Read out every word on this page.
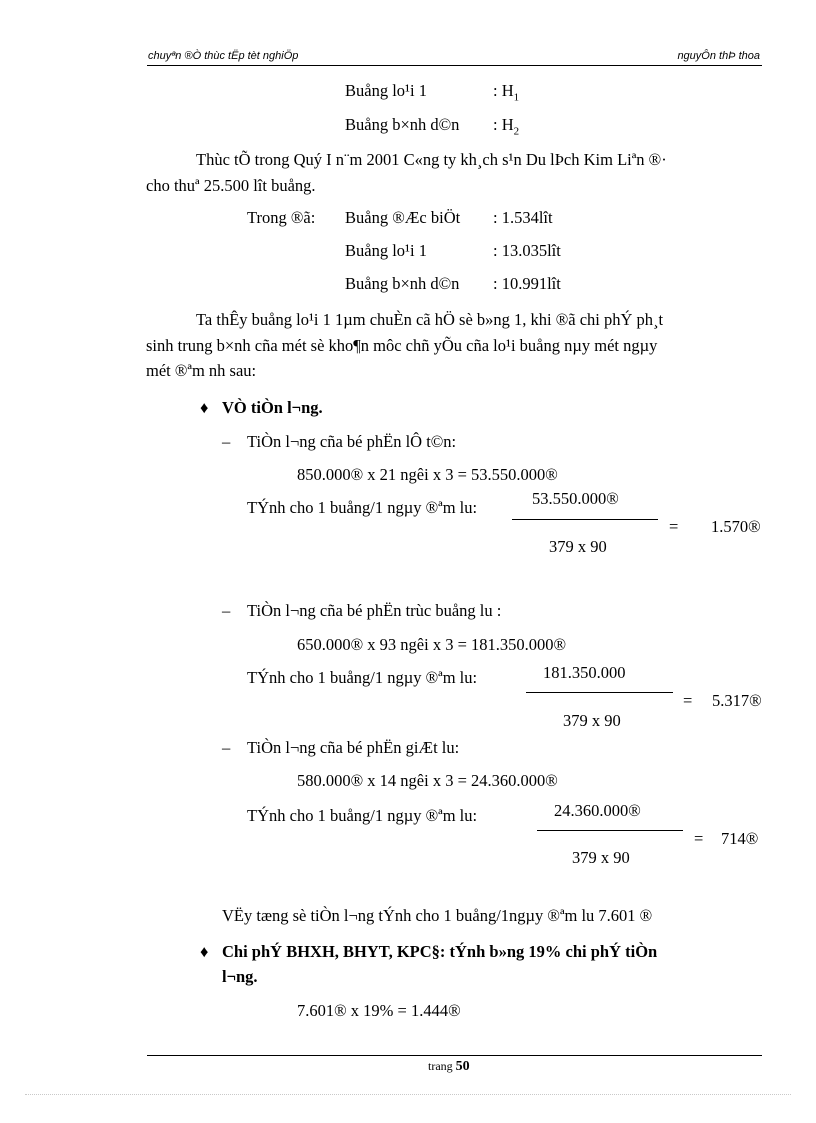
chuyªn ®Ò thùc tËp tèt nghiÖp	nguyÔn thÞ thoa
Buång lo¹i 1	: $H_1$
Buång b×nh d©n : $H_2$
Thùc tÕ trong Quý I n¨m 2001 C«ng ty kh¸ch s¹n Du lÞch Kim Liªn ®·
cho thuª 25.500 lît buång.
Trong ®ã: Buång ®Æc biÖt : 1.534lît
Buång lo¹i 1	: 13.035lît
Buång b×nh d©n : 10.991lît
Ta thÊy buång lo¹i 1 1µm chuÈn cã hÖ sè b»ng 1, khi ®ã chi phÝ ph¸t
sinh trung b×nh cña mét sè kho¶n môc chñ yÕu cña lo¹i buång nµy mét ngµy
mét ®ªm nh sau:
♦ VÒ tiÒn l¬ng.
– TiÒn l¬ng cña bé phËn lÔ t©n:
850.000® x 21 ngêi x 3 = 53.550.000®
TÝnh cho 1 buång/1 ngµy ®ªm lu:	53.550.000®
379 x 90
= 1.570®
– TiÒn l¬ng cña bé phËn trùc buång lu :
650.000® x 93 ngêi x 3 = 181.350.000®
TÝnh cho 1 buång/1 ngµy ®ªm lu:	181.350.000
379 x 90
= 5.317®
– TiÒn l¬ng cña bé phËn giÆt lu:
580.000® x 14 ngêi x 3 = 24.360.000®
TÝnh cho 1 buång/1 ngµy ®ªm lu:	24.360.000®
379 x 90
= 714®
VËy tæng sè tiÒn l¬ng tÝnh cho 1 buång/1ngµy ®ªm lu 7.601 ®
♦ Chi phÝ BHXH, BHYT, KPC§: tÝnh b»ng 19% chi phÝ tiÒn
l¬ng.
7.601® x 19% = 1.444®
trang 50
